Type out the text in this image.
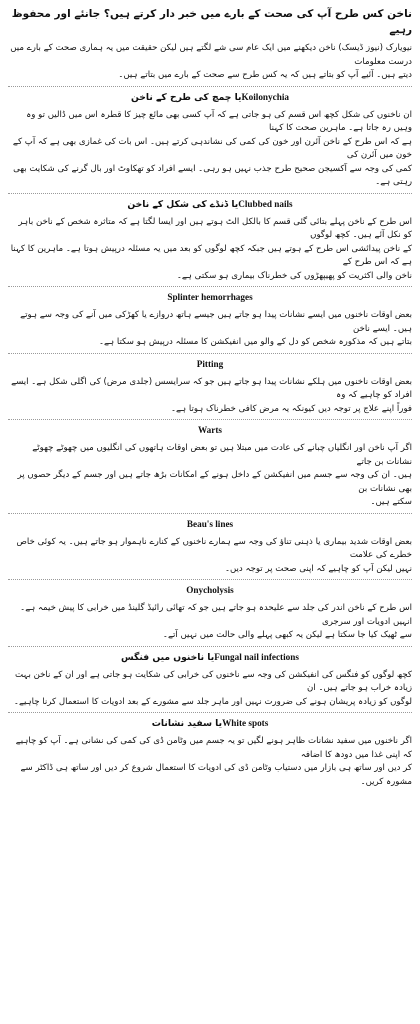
ناخن کس طرح آپ کی صحت کے بارے میں خبر دار کرتے ہیں؟ جانئے اور محفوظ رہیے

نیویارک (نیوز ڈیسک) ناخن دیکھنے میں ایک عام سی شے لگتے ہیں لیکن حقیقت میں یہ ہماری صحت کے بارے میں درست معلومات

دیتے ہیں۔ آئیے آپ کو بتاتے ہیں کہ یہ کس طرح سے صحت کے بارے میں بتاتے ہیں۔

Koilonychiaیا چمچ کی طرح کے ناخن

ان ناخنوں کی شکل کچھ اس قسم کی ہو جاتی ہے کہ آپ کسی بھی مائع چیز کا قطرہ اس میں ڈالیں تو وہ وہیں رہ جاتا ہے۔ ماہرین صحت کا کہنا

ہے کہ اس طرح کے ناخن آئرن اور خون کی کمی کی نشاندہی کرتے ہیں۔ اس بات کی غمازی بھی ہے کہ آپ کے خون میں آئرن کی

کمی کی وجہ سے آکسیجن صحیح طرح جذب نہیں ہو رہی۔ ایسے افراد کو تھکاوٹ اور بال گرنے کی شکایت بھی رہتی ہے۔

Clubbed nailsیا ڈنڈے کی شکل کے ناخن

اس طرح کے ناخن پہلے بتائی گئی قسم کا بالکل الٹ ہوتے ہیں اور ایسا لگتا ہے کہ متاثرہ شخص کے ناخن باہر کو نکل آئے ہیں۔ کچھ لوگوں

کے ناخن پیدائشی اس طرح کے ہوتے ہیں جبکہ کچھ لوگوں کو بعد میں یہ مسئلہ درپیش ہوتا ہے۔ ماہرین کا کہنا ہے کہ اس طرح کے

ناخن والی اکثریت کو پھیپھڑوں کی خطرناک بیماری ہو سکتی ہے۔

Splinter hemorrhages

بعض اوقات ناخنوں میں ایسے نشانات پیدا ہو جاتے ہیں جیسے ہاتھ دروازے یا کھڑکی میں آنے کی وجہ سے ہوتے ہیں۔ ایسے ناخن

بتاتے ہیں کہ مذکورہ شخص کو دل کے والو میں انفیکشن کا مسئلہ درپیش ہو سکتا ہے۔

Pitting

بعض اوقات ناخنوں میں ہلکے نشانات پیدا ہو جاتے ہیں جو کہ سرایسس (جلدی مرض) کی اگلی شکل ہے۔ ایسے افراد کو چاہیے کہ وہ

فوراً اپنے علاج پر توجہ دیں کیونکہ یہ مرض کافی خطرناک ہوتا ہے۔

Warts

اگر آپ ناخن اور انگلیاں چبانے کی عادت میں مبتلا ہیں تو بعض اوقات ہاتھوں کی انگلیوں میں چھوٹے چھوٹے نشانات بن جاتے

ہیں۔ ان کی وجہ سے جسم میں انفیکشن کے داخل ہونے کے امکانات بڑھ جاتے ہیں اور جسم کے دیگر حصوں پر بھی نشانات بن

سکتے ہیں۔

Beau's lines

بعض اوقات شدید بیماری یا ذہنی تناؤ کی وجہ سے ہمارے ناخنوں کے کنارے ناہموار ہو جاتے ہیں۔ یہ کوئی خاص خطرے کی علامت

نہیں لیکن آپ کو چاہیے کہ اپنی صحت پر توجہ دیں۔

Onycholysis

اس طرح کے ناخن اندر کی جلد سے علیحدہ ہو جاتے ہیں جو کہ تھائی رائیڈ گلینڈ میں خرابی کا پیش خیمہ ہے۔ انہیں ادویات اور سرجری

سے ٹھیک کیا جا سکتا ہے لیکن یہ کبھی پہلے والی حالت میں نہیں آتے۔

Fungal nail infectionsیا ناخنوں میں فنگس

کچھ لوگوں کو فنگس کی انفیکشن کی وجہ سے ناخنوں کی خرابی کی شکایت ہو جاتی ہے اور ان کے ناخن بہت زیادہ خراب ہو جاتے ہیں۔ ان

لوگوں کو زیادہ پریشان ہونے کی ضرورت نہیں اور ماہر جلد سے مشورے کے بعد ادویات کا استعمال کرنا چاہیے۔

White spotsیا سفید نشانات

اگر ناخنوں میں سفید نشانات ظاہر ہونے لگیں تو یہ جسم میں وٹامن ڈی کی کمی کی نشانی ہے۔ آپ کو چاہیے کہ اپنی غذا میں دودھ کا اضافہ

کر دیں اور ساتھ ہی بازار میں دستیاب وٹامن ڈی کی ادویات کا استعمال شروع کر دیں اور ساتھ ہی ڈاکٹر سے مشورہ کریں۔
